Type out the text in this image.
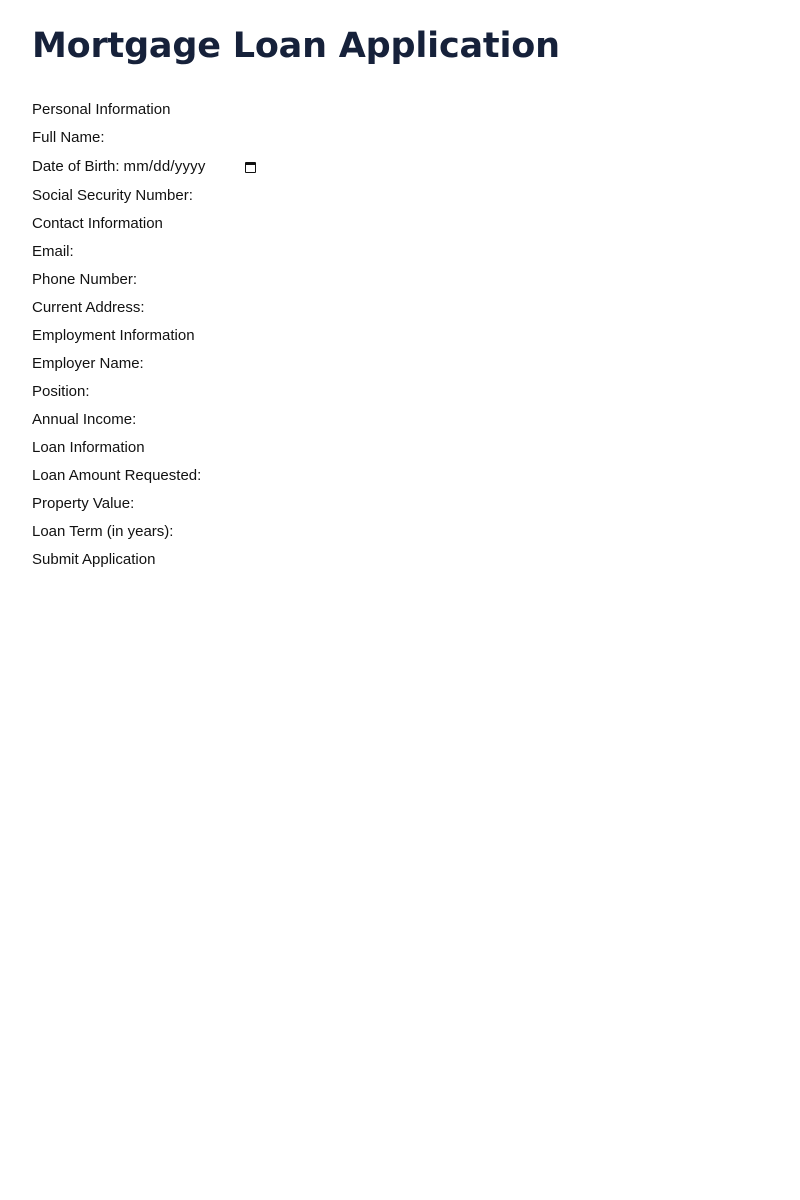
Mortgage Loan Application
Personal Information
Full Name:
Date of Birth: mm/dd/yyyy
Social Security Number:
Contact Information
Email:
Phone Number:
Current Address:
Employment Information
Employer Name:
Position:
Annual Income:
Loan Information
Loan Amount Requested:
Property Value:
Loan Term (in years):
Submit Application
